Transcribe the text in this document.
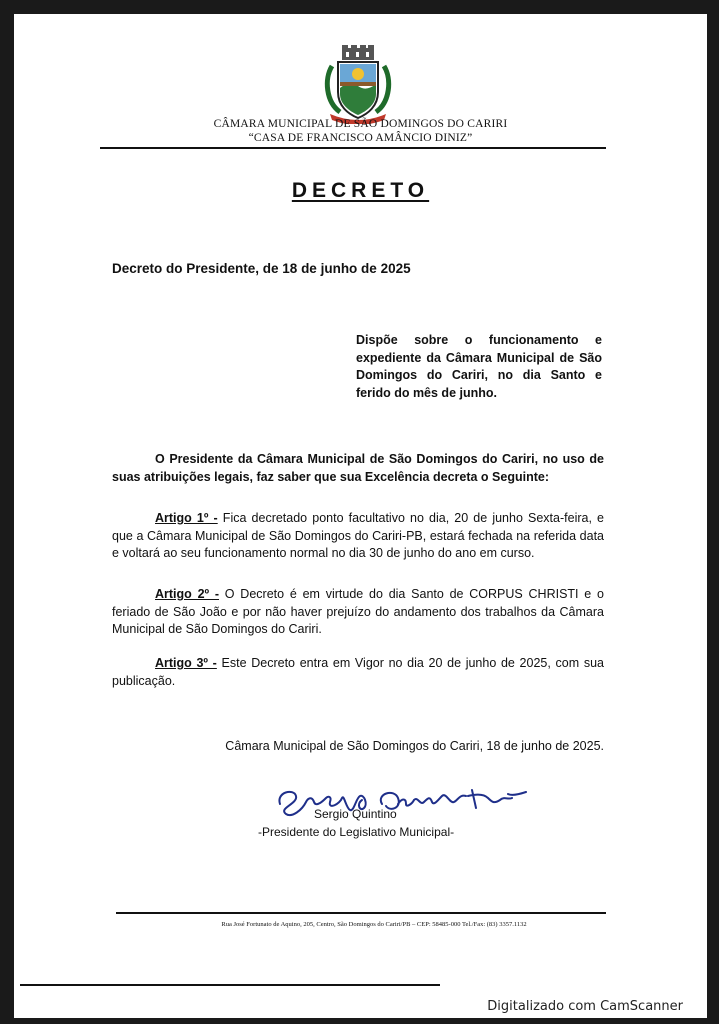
CÂMARA MUNICIPAL DE SÃO DOMINGOS DO CARIRI
“CASA DE FRANCISCO AMÂNCIO DINIZ”
DECRETO
Decreto do Presidente, de 18 de junho de 2025
Dispõe sobre o funcionamento e expediente da Câmara Municipal de São Domingos do Cariri, no dia Santo e ferido do mês de junho.
O Presidente da Câmara Municipal de São Domingos do Cariri, no uso de suas atribuições legais, faz saber que sua Excelência decreta o Seguinte:
Artigo 1º - Fica decretado ponto facultativo no dia, 20 de junho Sexta-feira, e que a Câmara Municipal de São Domingos do Cariri-PB, estará fechada na referida data e voltará ao seu funcionamento normal no dia 30 de junho do ano em curso.
Artigo 2º - O Decreto é em virtude do dia Santo de CORPUS CHRISTI e o feriado de São João e por não haver prejuízo do andamento dos trabalhos da Câmara Municipal de São Domingos do Cariri.
Artigo 3º - Este Decreto entra em Vigor no dia 20 de junho de 2025, com sua publicação.
Câmara Municipal de São Domingos do Cariri, 18 de junho de 2025.
Sergio Quintino
-Presidente do Legislativo Municipal-
Rua José Fortunato de Aquino, 205, Centro, São Domingos do Cariri/PB – CEP: 58485-000 Tel./Fax: (83) 3357.1132
Digitalizado com CamScanner
